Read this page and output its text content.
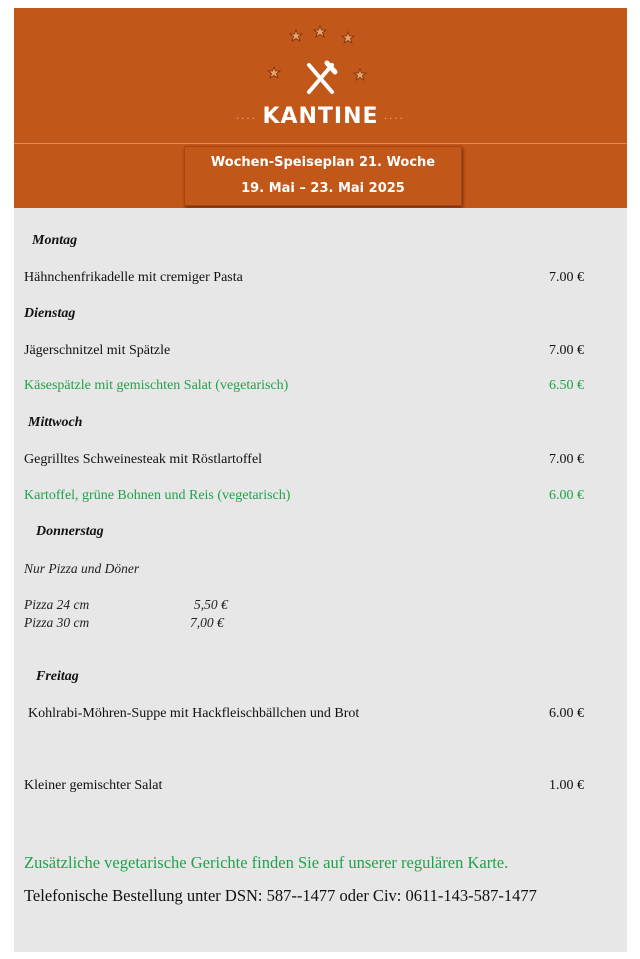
.... KANTINE ....
Wochen-Speiseplan 21. Woche
19. Mai – 23. Mai 2025
Montag
Hähnchenfrikadelle mit cremiger Pasta	7.00 €
Dienstag
Jägerschnitzel mit Spätzle	7.00 €
Käsespätzle mit gemischten Salat (vegetarisch)	6.50 €
Mittwoch
Gegrilltes Schweinesteak mit Röstlartoffel	7.00 €
Kartoffel, grüne Bohnen und Reis (vegetarisch)	6.00 €
Donnerstag
Nur Pizza und Döner
Pizza 24 cm	5,50 €
Pizza 30 cm	7,00 €
Freitag
Kohlrabi-Möhren-Suppe mit Hackfleischbällchen und Brot	6.00 €
Kleiner gemischter Salat	1.00 €
Zusätzliche vegetarische Gerichte finden Sie auf unserer regulären Karte.
Telefonische Bestellung unter DSN: 587--1477 oder Civ: 0611-143-587-1477
